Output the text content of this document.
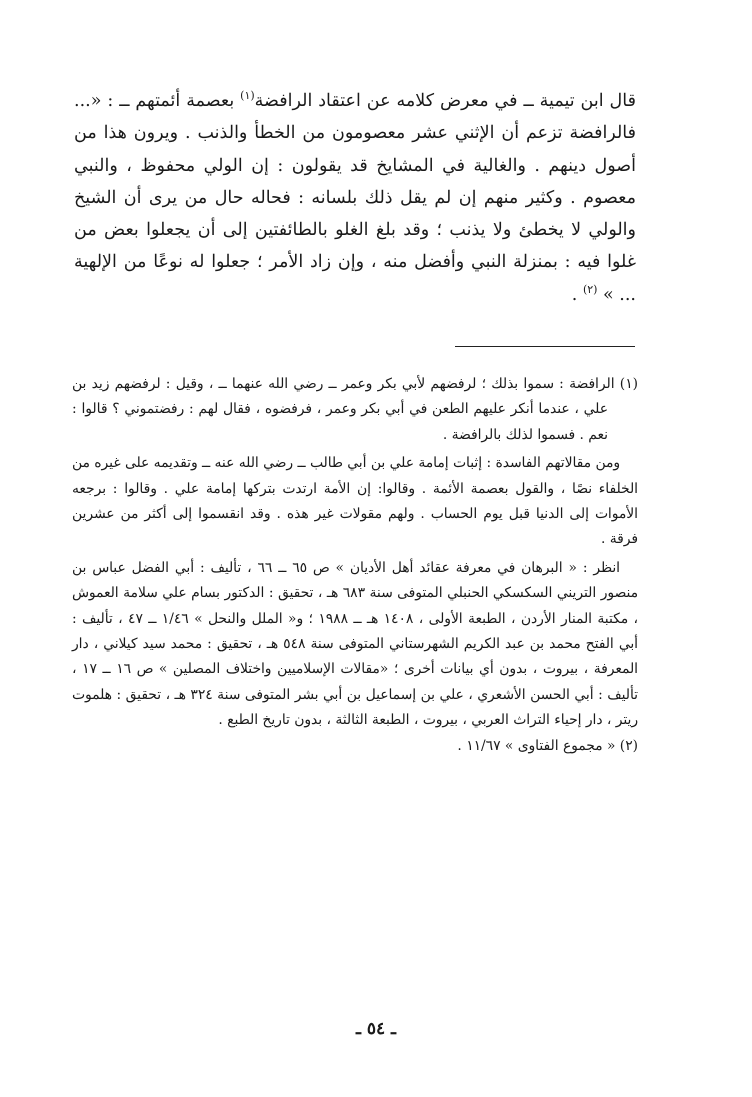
قال ابن تيمية ــ في معرض كلامه عن اعتقاد الرافضة$^{(١)}$ بعصمة أئمتهم ــ : «... فالرافضة تزعم أن الإثني عشر معصومون من الخطأ والذنب . ويرون هذا من أصول دينهم . والغالية في المشايخ قد يقولون : إن الولي محفوظ ، والنبي معصوم . وكثير منهم إن لم يقل ذلك بلسانه : فحاله حال من يرى أن الشيخ والولي لا يخطئ ولا يذنب ؛ وقد بلغ الغلو بالطائفتين إلى أن يجعلوا بعض من غلوا فيه : بمنزلة النبي وأفضل منه ، وإن زاد الأمر ؛ جعلوا له نوعًا من الإلهية ... » $^{(٢)}$ .

(١) الرافضة : سموا بذلك ؛ لرفضهم لأبي بكر وعمر ــ رضي الله عنهما ــ ، وقيل : لرفضهم زيد بن علي ، عندما أنكر عليهم الطعن في أبي بكر وعمر ، فرفضوه ، فقال لهم : رفضتموني ؟ قالوا : نعم . فسموا لذلك بالرافضة .

ومن مقالاتهم الفاسدة : إثبات إمامة علي بن أبي طالب ــ رضي الله عنه ــ وتقديمه على غيره من الخلفاء نصًا ، والقول بعصمة الأئمة . وقالوا: إن الأمة ارتدت بتركها إمامة علي . وقالوا : برجعه الأموات إلى الدنيا قبل يوم الحساب . ولهم مقولات غير هذه . وقد انقسموا إلى أكثر من عشرين فرقة .

انظر : « البرهان في معرفة عقائد أهل الأديان » ص ٦٥ ــ ٦٦ ، تأليف : أبي الفضل عباس بن منصور التريني السكسكي الحنبلي المتوفى سنة ٦٨٣ هـ ، تحقيق : الدكتور بسام علي سلامة العموش ، مكتبة المنار الأردن ، الطبعة الأولى ، ١٤٠٨ هـ ــ ١٩٨٨ ؛ و« الملل والنحل » ١/٤٦ ــ ٤٧ ، تأليف : أبي الفتح محمد بن عبد الكريم الشهرستاني المتوفى سنة ٥٤٨ هـ ، تحقيق : محمد سيد كيلاني ، دار المعرفة ، بيروت ، بدون أي بيانات أخرى ؛ «مقالات الإسلاميين واختلاف المصلين » ص ١٦ ــ ١٧ ، تأليف : أبي الحسن الأشعري ، علي بن إسماعيل بن أبي بشر المتوفى سنة ٣٢٤ هـ ، تحقيق : هلموت ريتر ، دار إحياء التراث العربي ، بيروت ، الطبعة الثالثة ، بدون تاريخ الطبع .

(٢) « مجموع الفتاوى » ١١/٦٧ .

ـ ٥٤ ـ
